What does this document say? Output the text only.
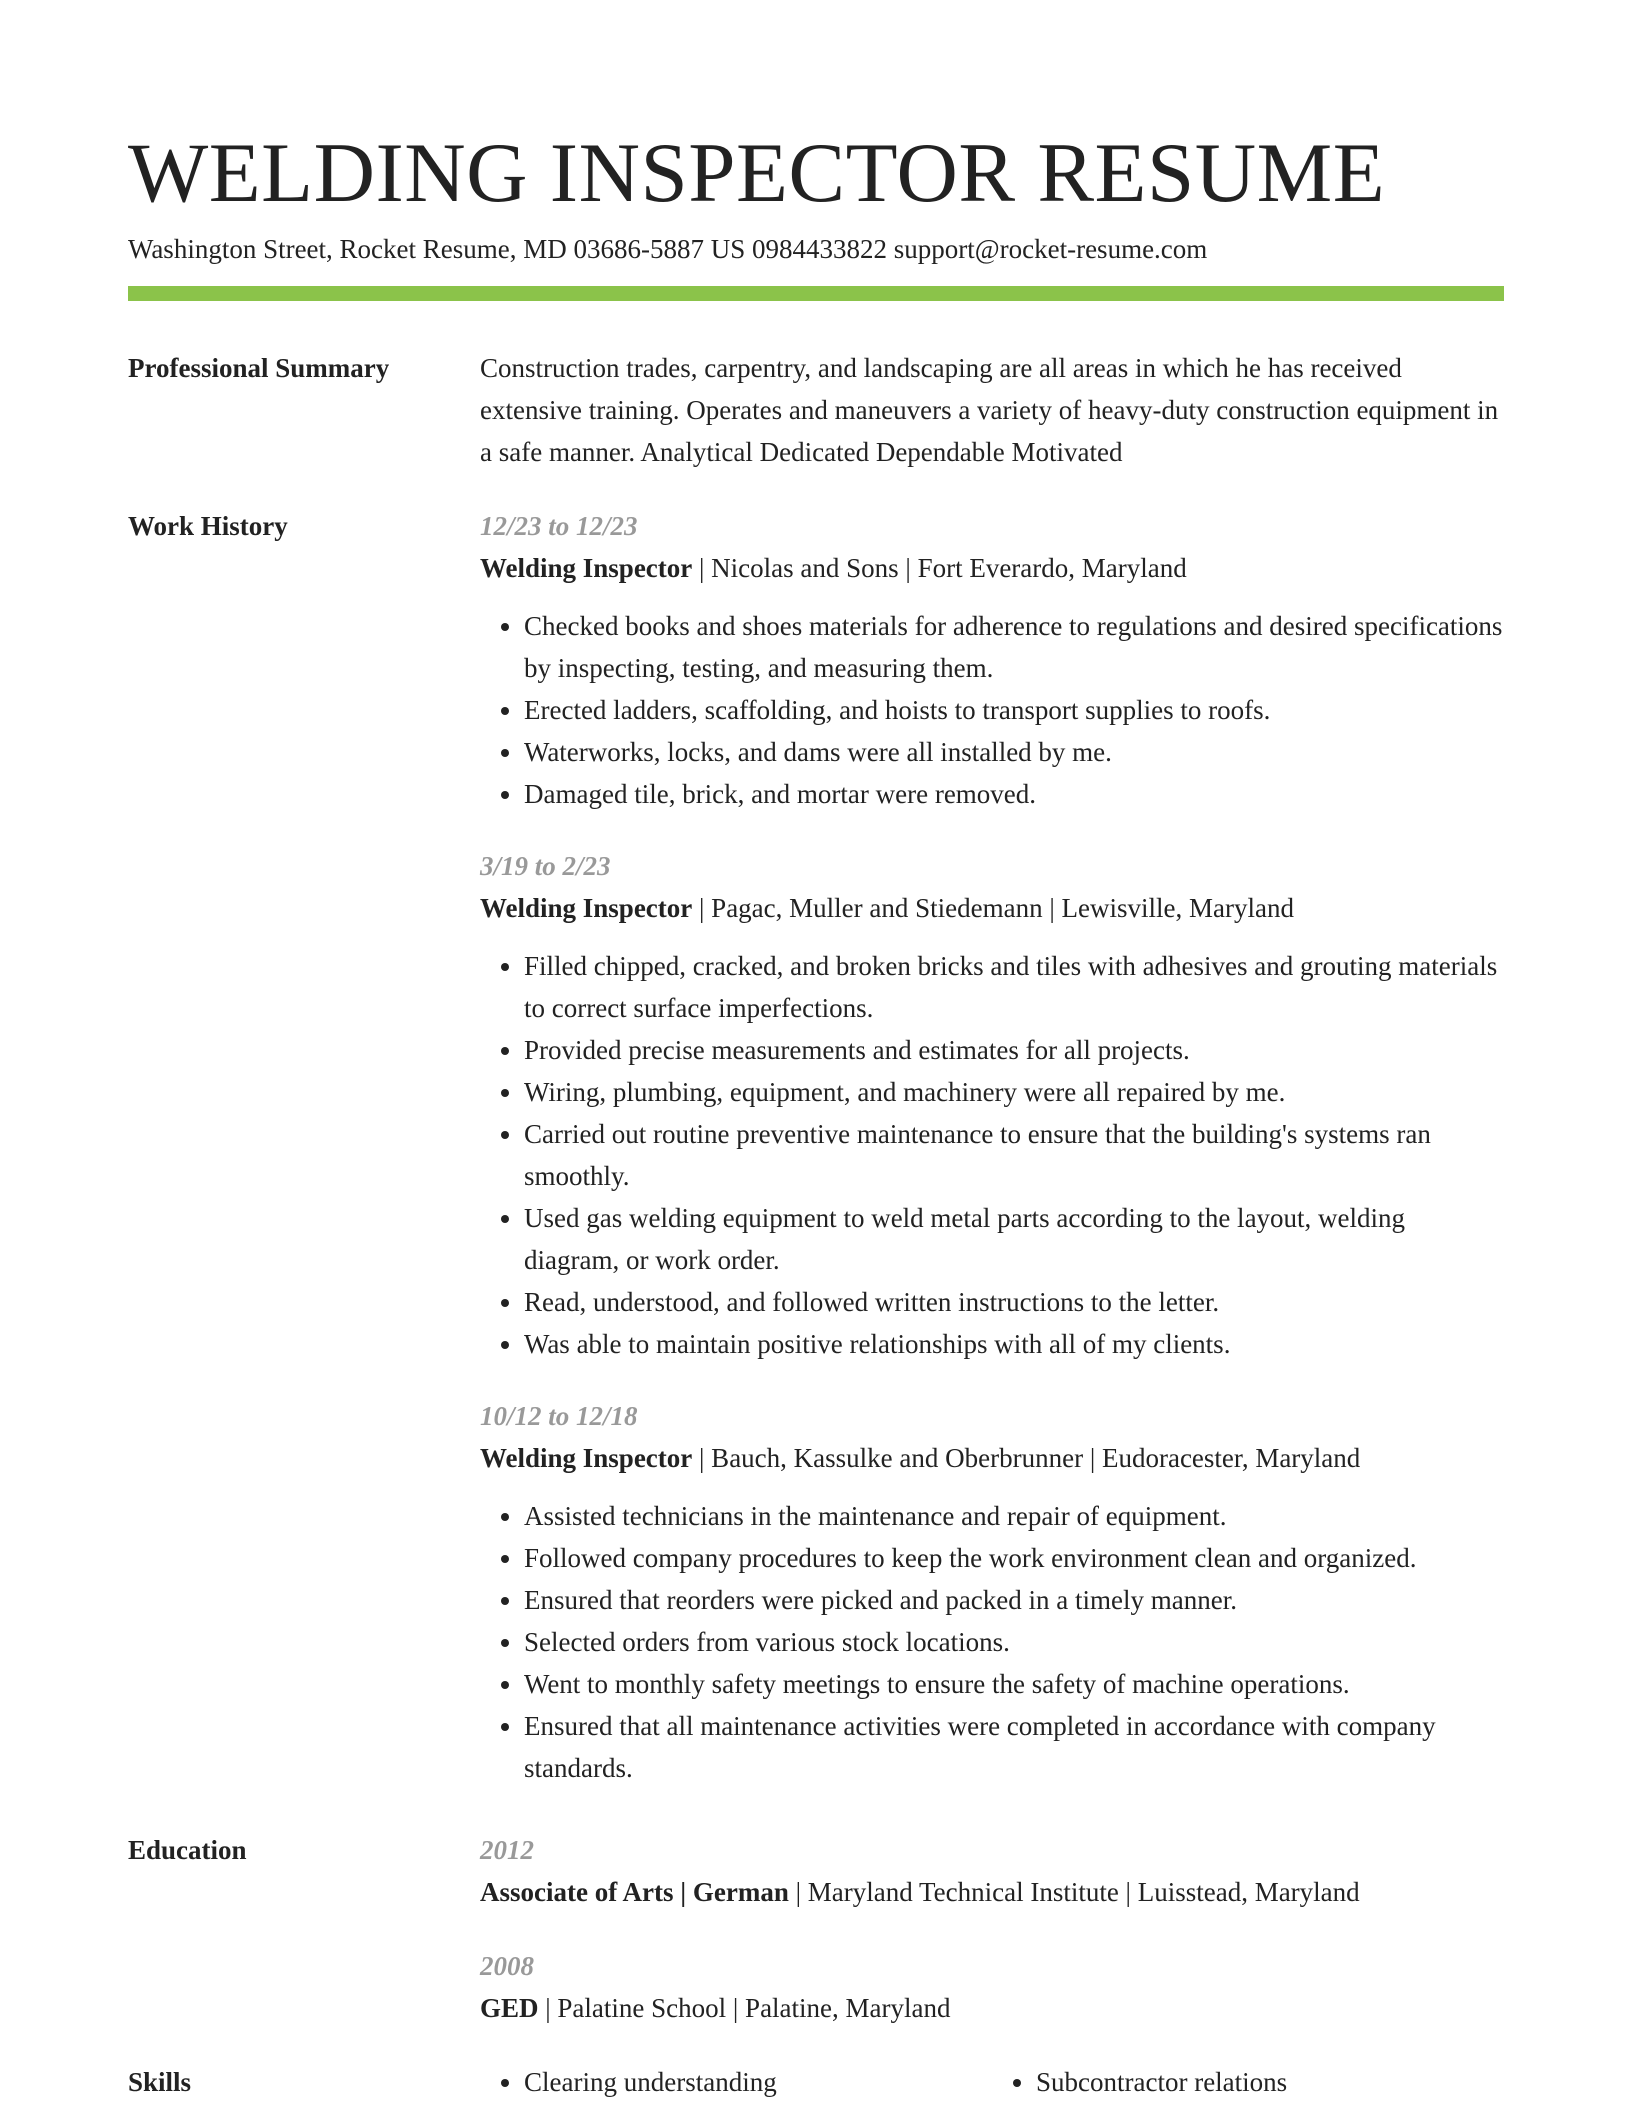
WELDING INSPECTOR RESUME
Washington Street, Rocket Resume, MD 03686-5887 US 0984433822 support@rocket-resume.com
Professional Summary	Construction trades, carpentry, and landscaping are all areas in which he has received extensive training. Operates and maneuvers a variety of heavy-duty construction equipment in a safe manner. Analytical Dedicated Dependable Motivated

Work History	12/23 to 12/23
Welding Inspector | Nicolas and Sons | Fort Everardo, Maryland
• Checked books and shoes materials for adherence to regulations and desired specifications by inspecting, testing, and measuring them.
• Erected ladders, scaffolding, and hoists to transport supplies to roofs.
• Waterworks, locks, and dams were all installed by me.
• Damaged tile, brick, and mortar were removed.
3/19 to 2/23
Welding Inspector | Pagac, Muller and Stiedemann | Lewisville, Maryland
• Filled chipped, cracked, and broken bricks and tiles with adhesives and grouting materials to correct surface imperfections.
• Provided precise measurements and estimates for all projects.
• Wiring, plumbing, equipment, and machinery were all repaired by me.
• Carried out routine preventive maintenance to ensure that the building's systems ran smoothly.
• Used gas welding equipment to weld metal parts according to the layout, welding diagram, or work order.
• Read, understood, and followed written instructions to the letter.
• Was able to maintain positive relationships with all of my clients.
10/12 to 12/18
Welding Inspector | Bauch, Kassulke and Oberbrunner | Eudoracester, Maryland
• Assisted technicians in the maintenance and repair of equipment.
• Followed company procedures to keep the work environment clean and organized.
• Ensured that reorders were picked and packed in a timely manner.
• Selected orders from various stock locations.
• Went to monthly safety meetings to ensure the safety of machine operations.
• Ensured that all maintenance activities were completed in accordance with company standards.
Education	2012
Associate of Arts | German | Maryland Technical Institute | Luisstead, Maryland
2008
GED | Palatine School | Palatine, Maryland
Skills	• Clearing understanding	• Subcontractor relations
